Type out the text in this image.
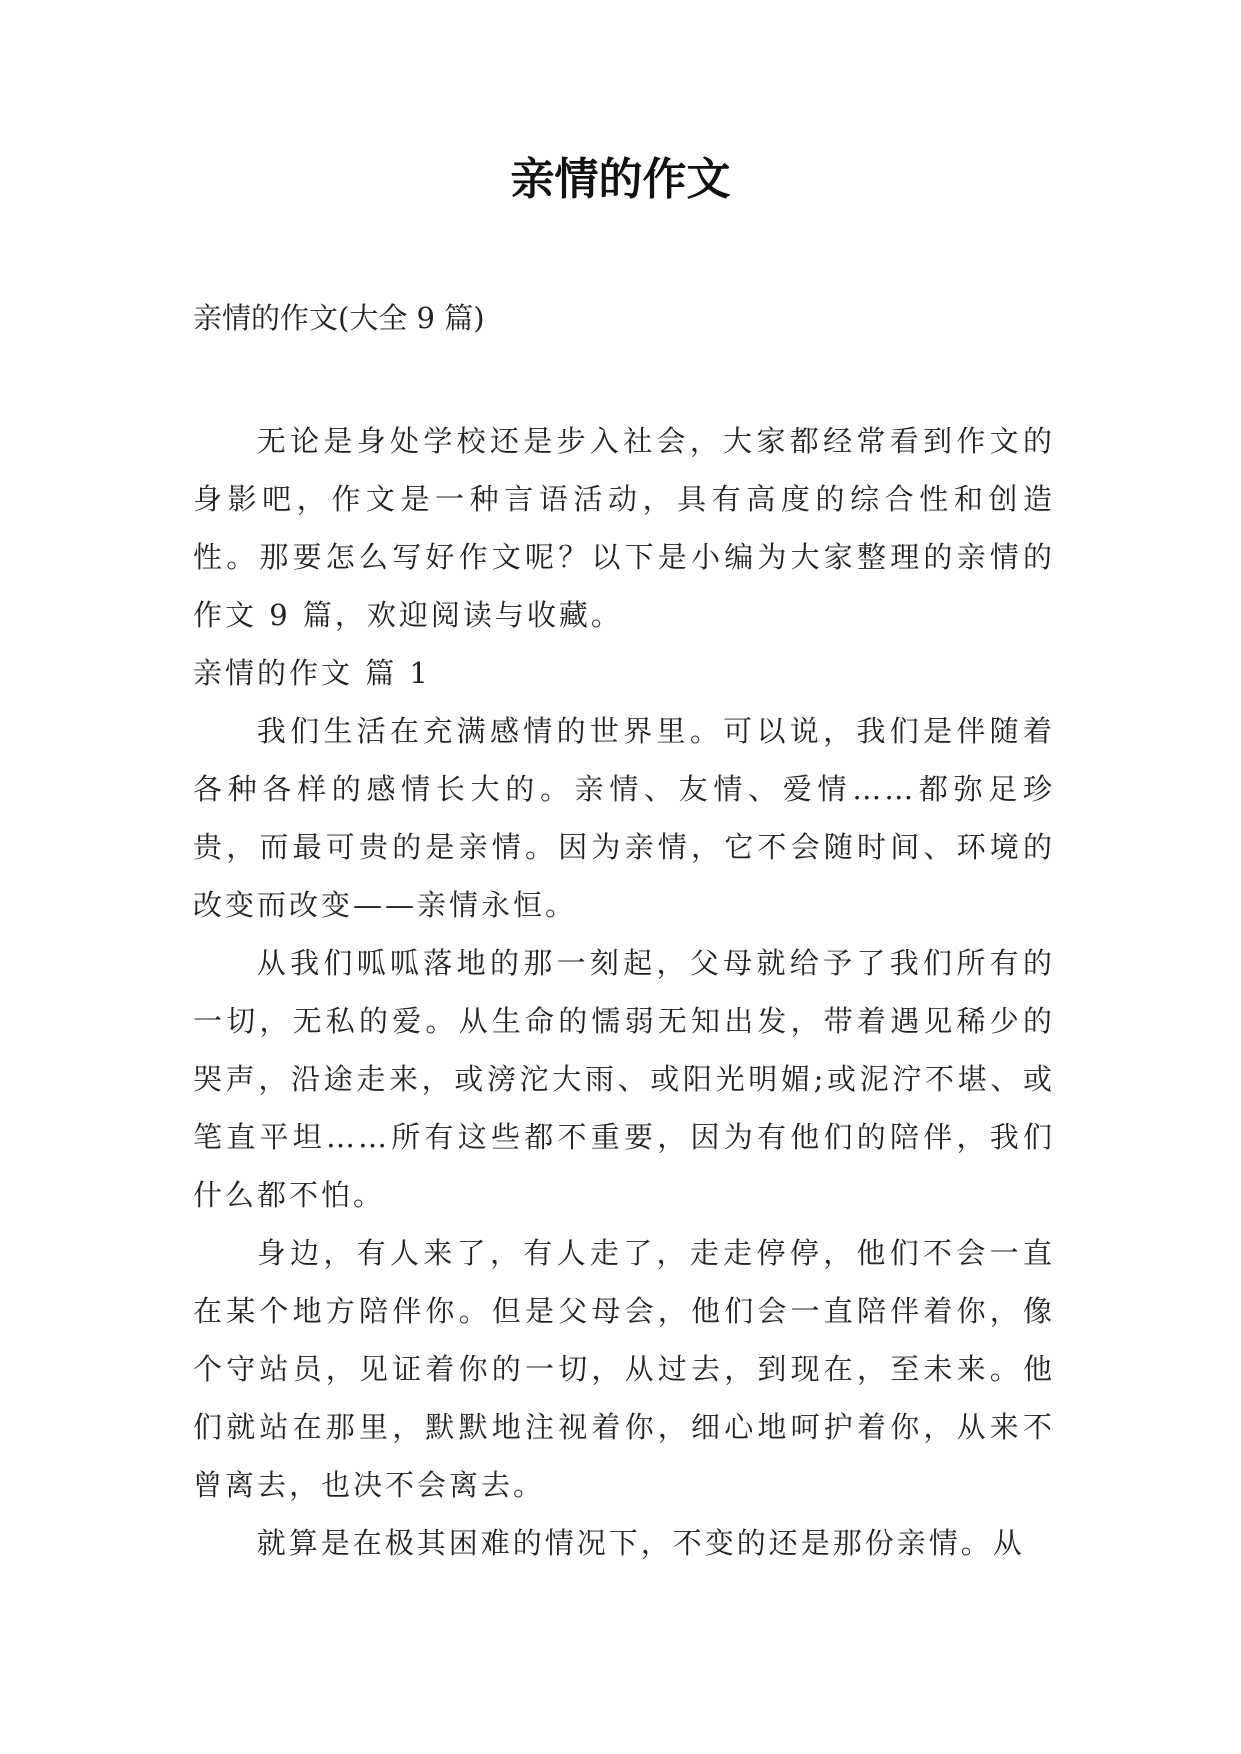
亲情的作文

亲情的作文(大全 9 篇)

无论是身处学校还是步入社会，大家都经常看到作文的身影吧，作文是一种言语活动，具有高度的综合性和创造性。那要怎么写好作文呢？以下是小编为大家整理的亲情的作文 9 篇，欢迎阅读与收藏。

亲情的作文 篇 1

我们生活在充满感情的世界里。可以说，我们是伴随着各种各样的感情长大的。亲情、友情、爱情……都弥足珍贵，而最可贵的是亲情。因为亲情，它不会随时间、环境的改变而改变——亲情永恒。

从我们呱呱落地的那一刻起，父母就给予了我们所有的一切，无私的爱。从生命的懦弱无知出发，带着遇见稀少的哭声，沿途走来，或滂沱大雨、或阳光明媚;或泥泞不堪、或笔直平坦……所有这些都不重要，因为有他们的陪伴，我们什么都不怕。

身边，有人来了，有人走了，走走停停，他们不会一直在某个地方陪伴你。但是父母会，他们会一直陪伴着你，像个守站员，见证着你的一切，从过去，到现在，至未来。他们就站在那里，默默地注视着你，细心地呵护着你，从来不曾离去，也决不会离去。

就算是在极其困难的情况下，不变的还是那份亲情。从
